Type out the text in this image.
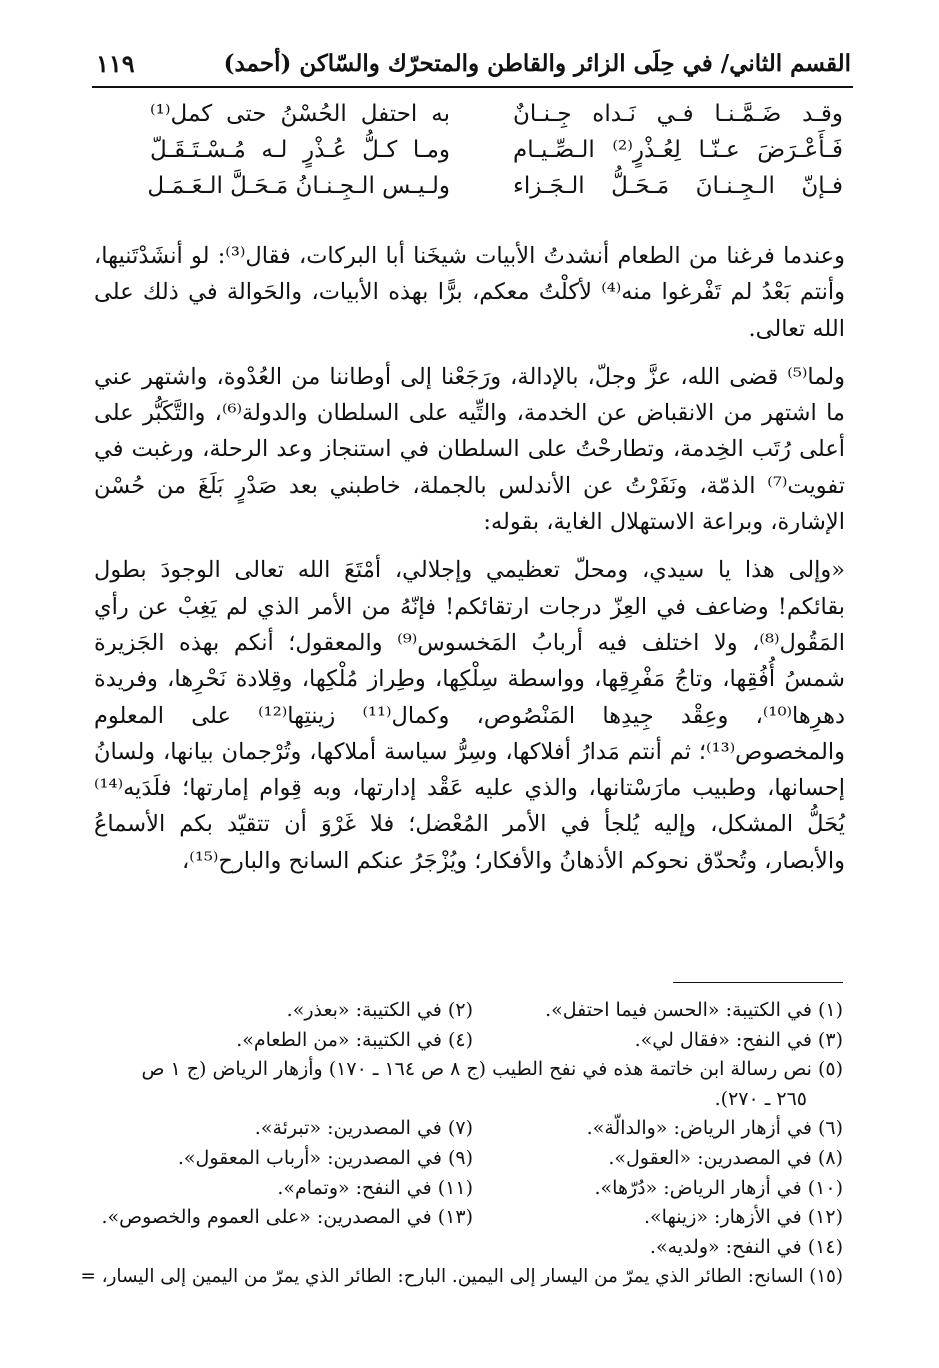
القسم الثاني/ في حِلَى الزائر والقاطن والمتحرّك والسّاكن (أحمد)
١١٩
وقـد ضَـمَّـنـا فـي نَـداه جِـنـانٌ
به احتفل الحُسْنُ حتى كمل⁽¹⁾
فَـأَعْـرَضَ عـنّـا لِعُـذْرٍ⁽²⁾ الـصِّـيـام
ومـا كـلُّ عُـذْرٍ لـه مُـسْـتَـقَـلّ
فـإنّ الـجِـنـانَ مَـحَـلُّ الـجَـزاء
ولـيـس الـجِـنـانُ مَـحَـلَّ الـعَـمَـل

وعندما فرغنا من الطعام أنشدتُ الأبيات شيخَنا أبا البركات، فقال⁽³⁾: لو أنشَدْتَنيها، وأنتم بَعْدُ لم تَفْرغوا منه⁽⁴⁾ لأكلْتُ معكم، برًّا بهذه الأبيات، والحَوالة في ذلك على الله تعالى.

ولما⁽⁵⁾ قضى الله، عزَّ وجلّ، بالإدالة، ورَجَعْنا إلى أوطاننا من العُدْوة، واشتهر عني ما اشتهر من الانقباض عن الخدمة، والتِّيه على السلطان والدولة⁽⁶⁾، والتَّكَبُّر على أعلى رُتَب الخِدمة، وتطارحْتُ على السلطان في استنجاز وعد الرحلة، ورغبت في تفويت⁽⁷⁾ الذمّة، ونَفَرْتُ عن الأندلس بالجملة، خاطبني بعد صَدْرٍ بَلَغَ من حُسْن الإشارة، وبراعة الاستهلال الغاية، بقوله:

«وإلى هذا يا سيدي، ومحلّ تعظيمي وإجلالي، أمْتَعَ الله تعالى الوجودَ بطول بقائكم! وضاعف في العِزّ درجات ارتقائكم! فإنّهُ من الأمر الذي لم يَغِبْ عن رأي المَقُول⁽⁸⁾، ولا اختلف فيه أربابُ المَخسوس⁽⁹⁾ والمعقول؛ أنكم بهذه الجَزيرة شمسُ أُفُقِها، وتاجُ مَفْرِقِها، وواسطة سِلْكِها، وطِراز مُلْكِها، وقِلادة نَحْرِها، وفريدة دهرِها⁽¹⁰⁾، وعِقْد جِيدِها المَنْصُوص، وكمال⁽¹¹⁾ زينتِها⁽¹²⁾ على المعلوم والمخصوص⁽¹³⁾؛ ثم أنتم مَدارُ أفلاكها، وسِرُّ سياسة أملاكها، وتُرْجمان بيانها، ولسانُ إحسانها، وطبيب مارَسْتانها، والذي عليه عَقْد إدارتها، وبه قِوام إمارتها؛ فلَدَيه⁽¹⁴⁾ يُحَلُّ المشكل، وإليه يُلجأ في الأمر المُعْضل؛ فلا غَرْوَ أن تتقيّد بكم الأسماعُ والأبصار، وتُحدّق نحوكم الأذهانُ والأفكار؛ ويُزْجَرُ عنكم السانح والبارح⁽¹⁵⁾،

(١) في الكتيبة: «الحسن فيما احتفل».
(٢) في الكتيبة: «بعذر».
(٣) في النفح: «فقال لي».
(٤) في الكتيبة: «من الطعام».
(٥) نص رسالة ابن خاتمة هذه في نفح الطيب (ج ٨ ص ١٦٤ ـ ١٧٠) وأزهار الرياض (ج ١ ص
٢٦٥ ـ ٢٧٠).
(٦) في أزهار الرياض: «والدالّة».
(٧) في المصدرين: «تبرئة».
(٨) في المصدرين: «العقول».
(٩) في المصدرين: «أرباب المعقول».
(١٠) في أزهار الرياض: «دُرّها».
(١١) في النفح: «وتمام».
(١٢) في الأزهار: «زينها».
(١٣) في المصدرين: «على العموم والخصوص».
(١٤) في النفح: «ولديه».
(١٥) السانح: الطائر الذي يمرّ من اليسار إلى اليمين. البارح: الطائر الذي يمرّ من اليمين إلى اليسار، =
